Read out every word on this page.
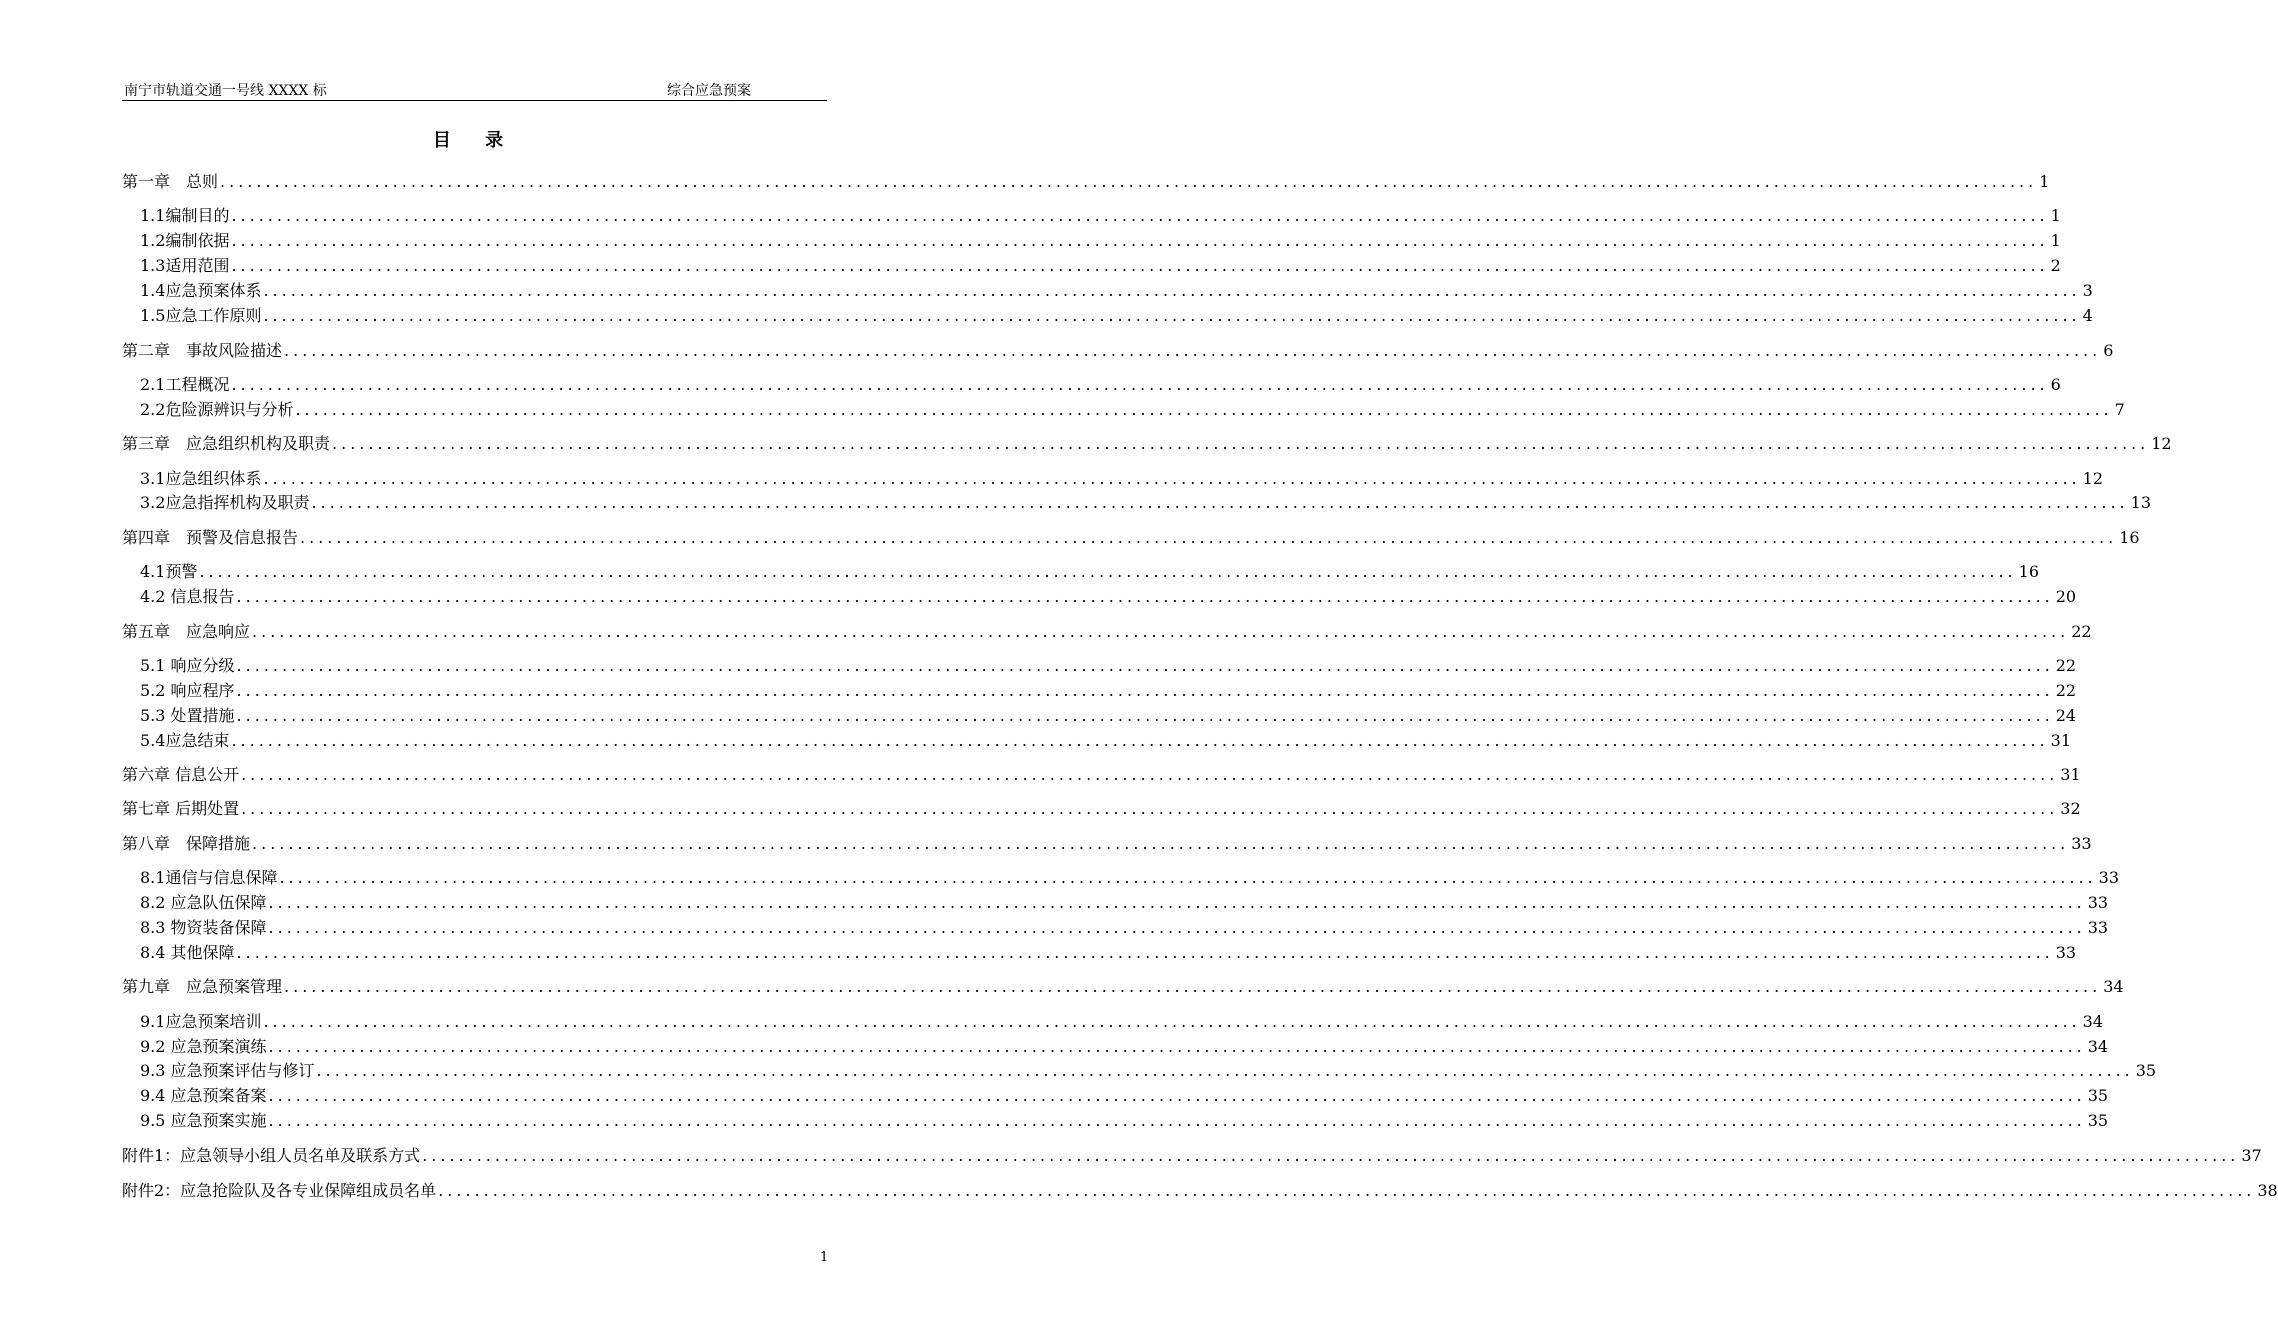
南宁市轨道交通一号线 XXXX 标	综合应急预案
目 录
第一章　总则 ........................................................................................................................................................................................................ 1
1.1编制目的 ........................................................................................................................................................................................................ 1
1.2编制依据 ........................................................................................................................................................................................................ 1
1.3适用范围 ........................................................................................................................................................................................................ 2
1.4应急预案体系 ........................................................................................................................................................................................................ 3
1.5应急工作原则 ........................................................................................................................................................................................................ 4
第二章　事故风险描述 ........................................................................................................................................................................................................ 6
2.1工程概况 ........................................................................................................................................................................................................ 6
2.2危险源辨识与分析 ........................................................................................................................................................................................................ 7
第三章　应急组织机构及职责 ........................................................................................................................................................................................................ 12
3.1应急组织体系 ........................................................................................................................................................................................................ 12
3.2应急指挥机构及职责 ........................................................................................................................................................................................................ 13
第四章　预警及信息报告 ........................................................................................................................................................................................................ 16
4.1预警 ........................................................................................................................................................................................................ 16
4.2 信息报告 ........................................................................................................................................................................................................ 20
第五章　应急响应 ........................................................................................................................................................................................................ 22
5.1 响应分级 ........................................................................................................................................................................................................ 22
5.2 响应程序 ........................................................................................................................................................................................................ 22
5.3 处置措施 ........................................................................................................................................................................................................ 24
5.4应急结束 ........................................................................................................................................................................................................ 31
第六章 信息公开 ........................................................................................................................................................................................................ 31
第七章 后期处置 ........................................................................................................................................................................................................ 32
第八章　保障措施 ........................................................................................................................................................................................................ 33
8.1通信与信息保障 ........................................................................................................................................................................................................ 33
8.2 应急队伍保障 ........................................................................................................................................................................................................ 33
8.3 物资装备保障 ........................................................................................................................................................................................................ 33
8.4 其他保障 ........................................................................................................................................................................................................ 33
第九章　应急预案管理 ........................................................................................................................................................................................................ 34
9.1应急预案培训 ........................................................................................................................................................................................................ 34
9.2 应急预案演练 ........................................................................................................................................................................................................ 34
9.3 应急预案评估与修订 ........................................................................................................................................................................................................ 35
9.4 应急预案备案 ........................................................................................................................................................................................................ 35
9.5 应急预案实施 ........................................................................................................................................................................................................ 35
附件1：应急领导小组人员名单及联系方式 ........................................................................................................................................................................................................ 37
附件2：应急抢险队及各专业保障组成员名单 ........................................................................................................................................................................................................ 38
1
